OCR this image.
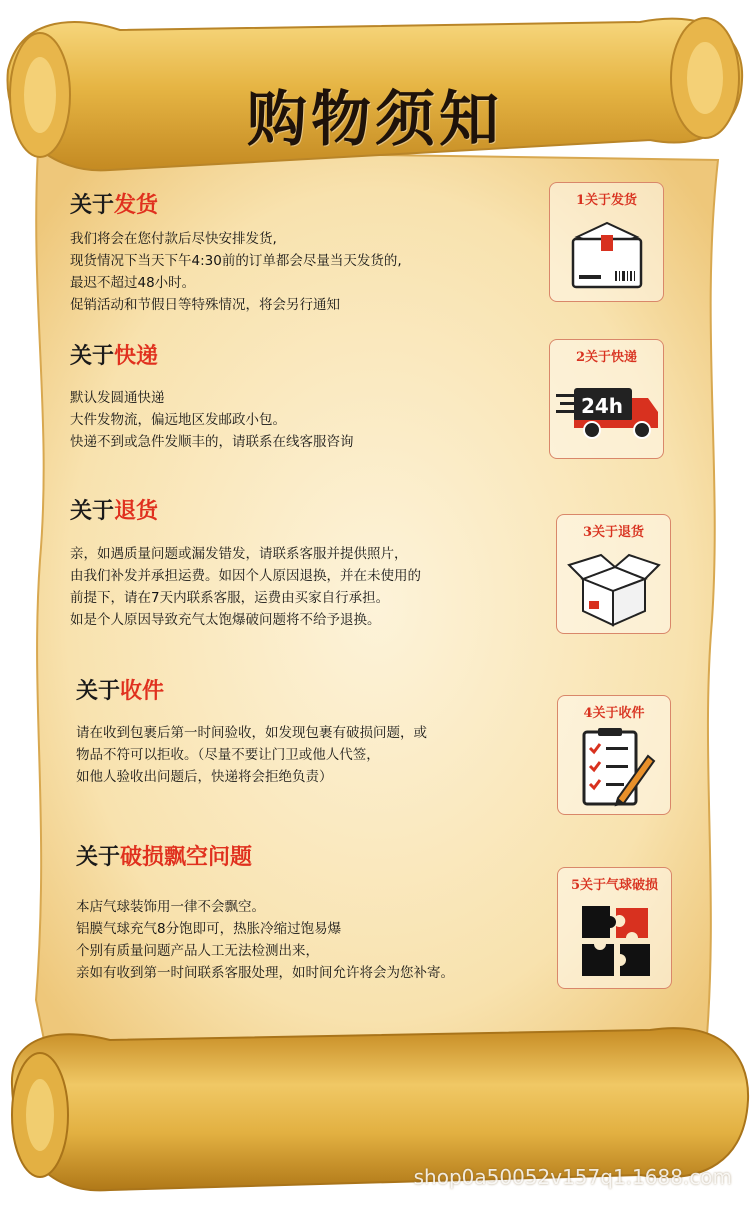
购物须知
关于发货
我们将会在您付款后尽快安排发货,
现货情况下当天下午4:30前的订单都会尽量当天发货的,
最迟不超过48小时。
促销活动和节假日等特殊情况，将会另行通知
1关于发货
关于快递
默认发圆通快递
大件发物流，偏远地区发邮政小包。
快递不到或急件发顺丰的，请联系在线客服咨询
2关于快递
24h
关于退货
亲，如遇质量问题或漏发错发，请联系客服并提供照片，
由我们补发并承担运费。如因个人原因退换，并在未使用的
前提下，请在7天内联系客服，运费由买家自行承担。
如是个人原因导致充气太饱爆破问题将不给予退换。
3关于退货
关于收件
请在收到包裹后第一时间验收，如发现包裹有破损问题，或
物品不符可以拒收。（尽量不要让门卫或他人代签，
如他人验收出问题后，快递将会拒绝负责）
4关于收件
关于破损飘空问题
本店气球装饰用一律不会飘空。
铝膜气球充气8分饱即可，热胀冷缩过饱易爆
个别有质量问题产品人工无法检测出来，
亲如有收到第一时间联系客服处理，如时间允许将会为您补寄。
5关于气球破损
shop0a50052v157q1.1688.com
